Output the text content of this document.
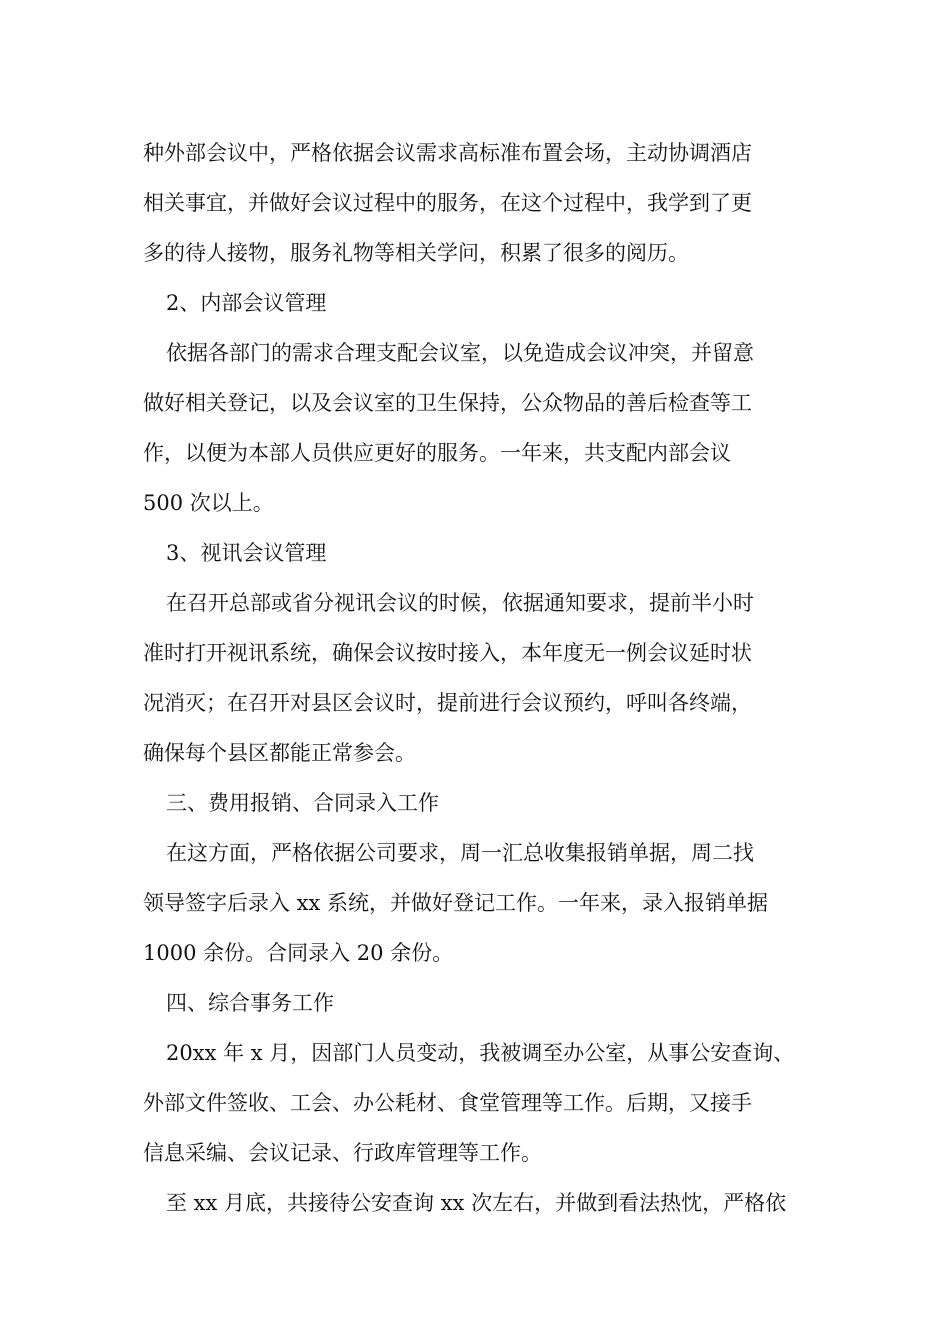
种外部会议中，严格依据会议需求高标准布置会场，主动协调酒店
相关事宜，并做好会议过程中的服务，在这个过程中，我学到了更
多的待人接物，服务礼物等相关学问，积累了很多的阅历。
2、内部会议管理
依据各部门的需求合理支配会议室，以免造成会议冲突，并留意
做好相关登记，以及会议室的卫生保持，公众物品的善后检查等工
作，以便为本部人员供应更好的服务。一年来，共支配内部会议
500 次以上。
3、视讯会议管理
在召开总部或省分视讯会议的时候，依据通知要求，提前半小时
准时打开视讯系统，确保会议按时接入，本年度无一例会议延时状
况消灭；在召开对县区会议时，提前进行会议预约，呼叫各终端，
确保每个县区都能正常参会。
三、费用报销、合同录入工作
在这方面，严格依据公司要求，周一汇总收集报销单据，周二找
领导签字后录入 xx 系统，并做好登记工作。一年来，录入报销单据
1000 余份。合同录入 20 余份。
四、综合事务工作
20xx 年 x 月，因部门人员变动，我被调至办公室，从事公安查询、
外部文件签收、工会、办公耗材、食堂管理等工作。后期，又接手
信息采编、会议记录、行政库管理等工作。
至 xx 月底，共接待公安查询 xx 次左右，并做到看法热忱，严格依
